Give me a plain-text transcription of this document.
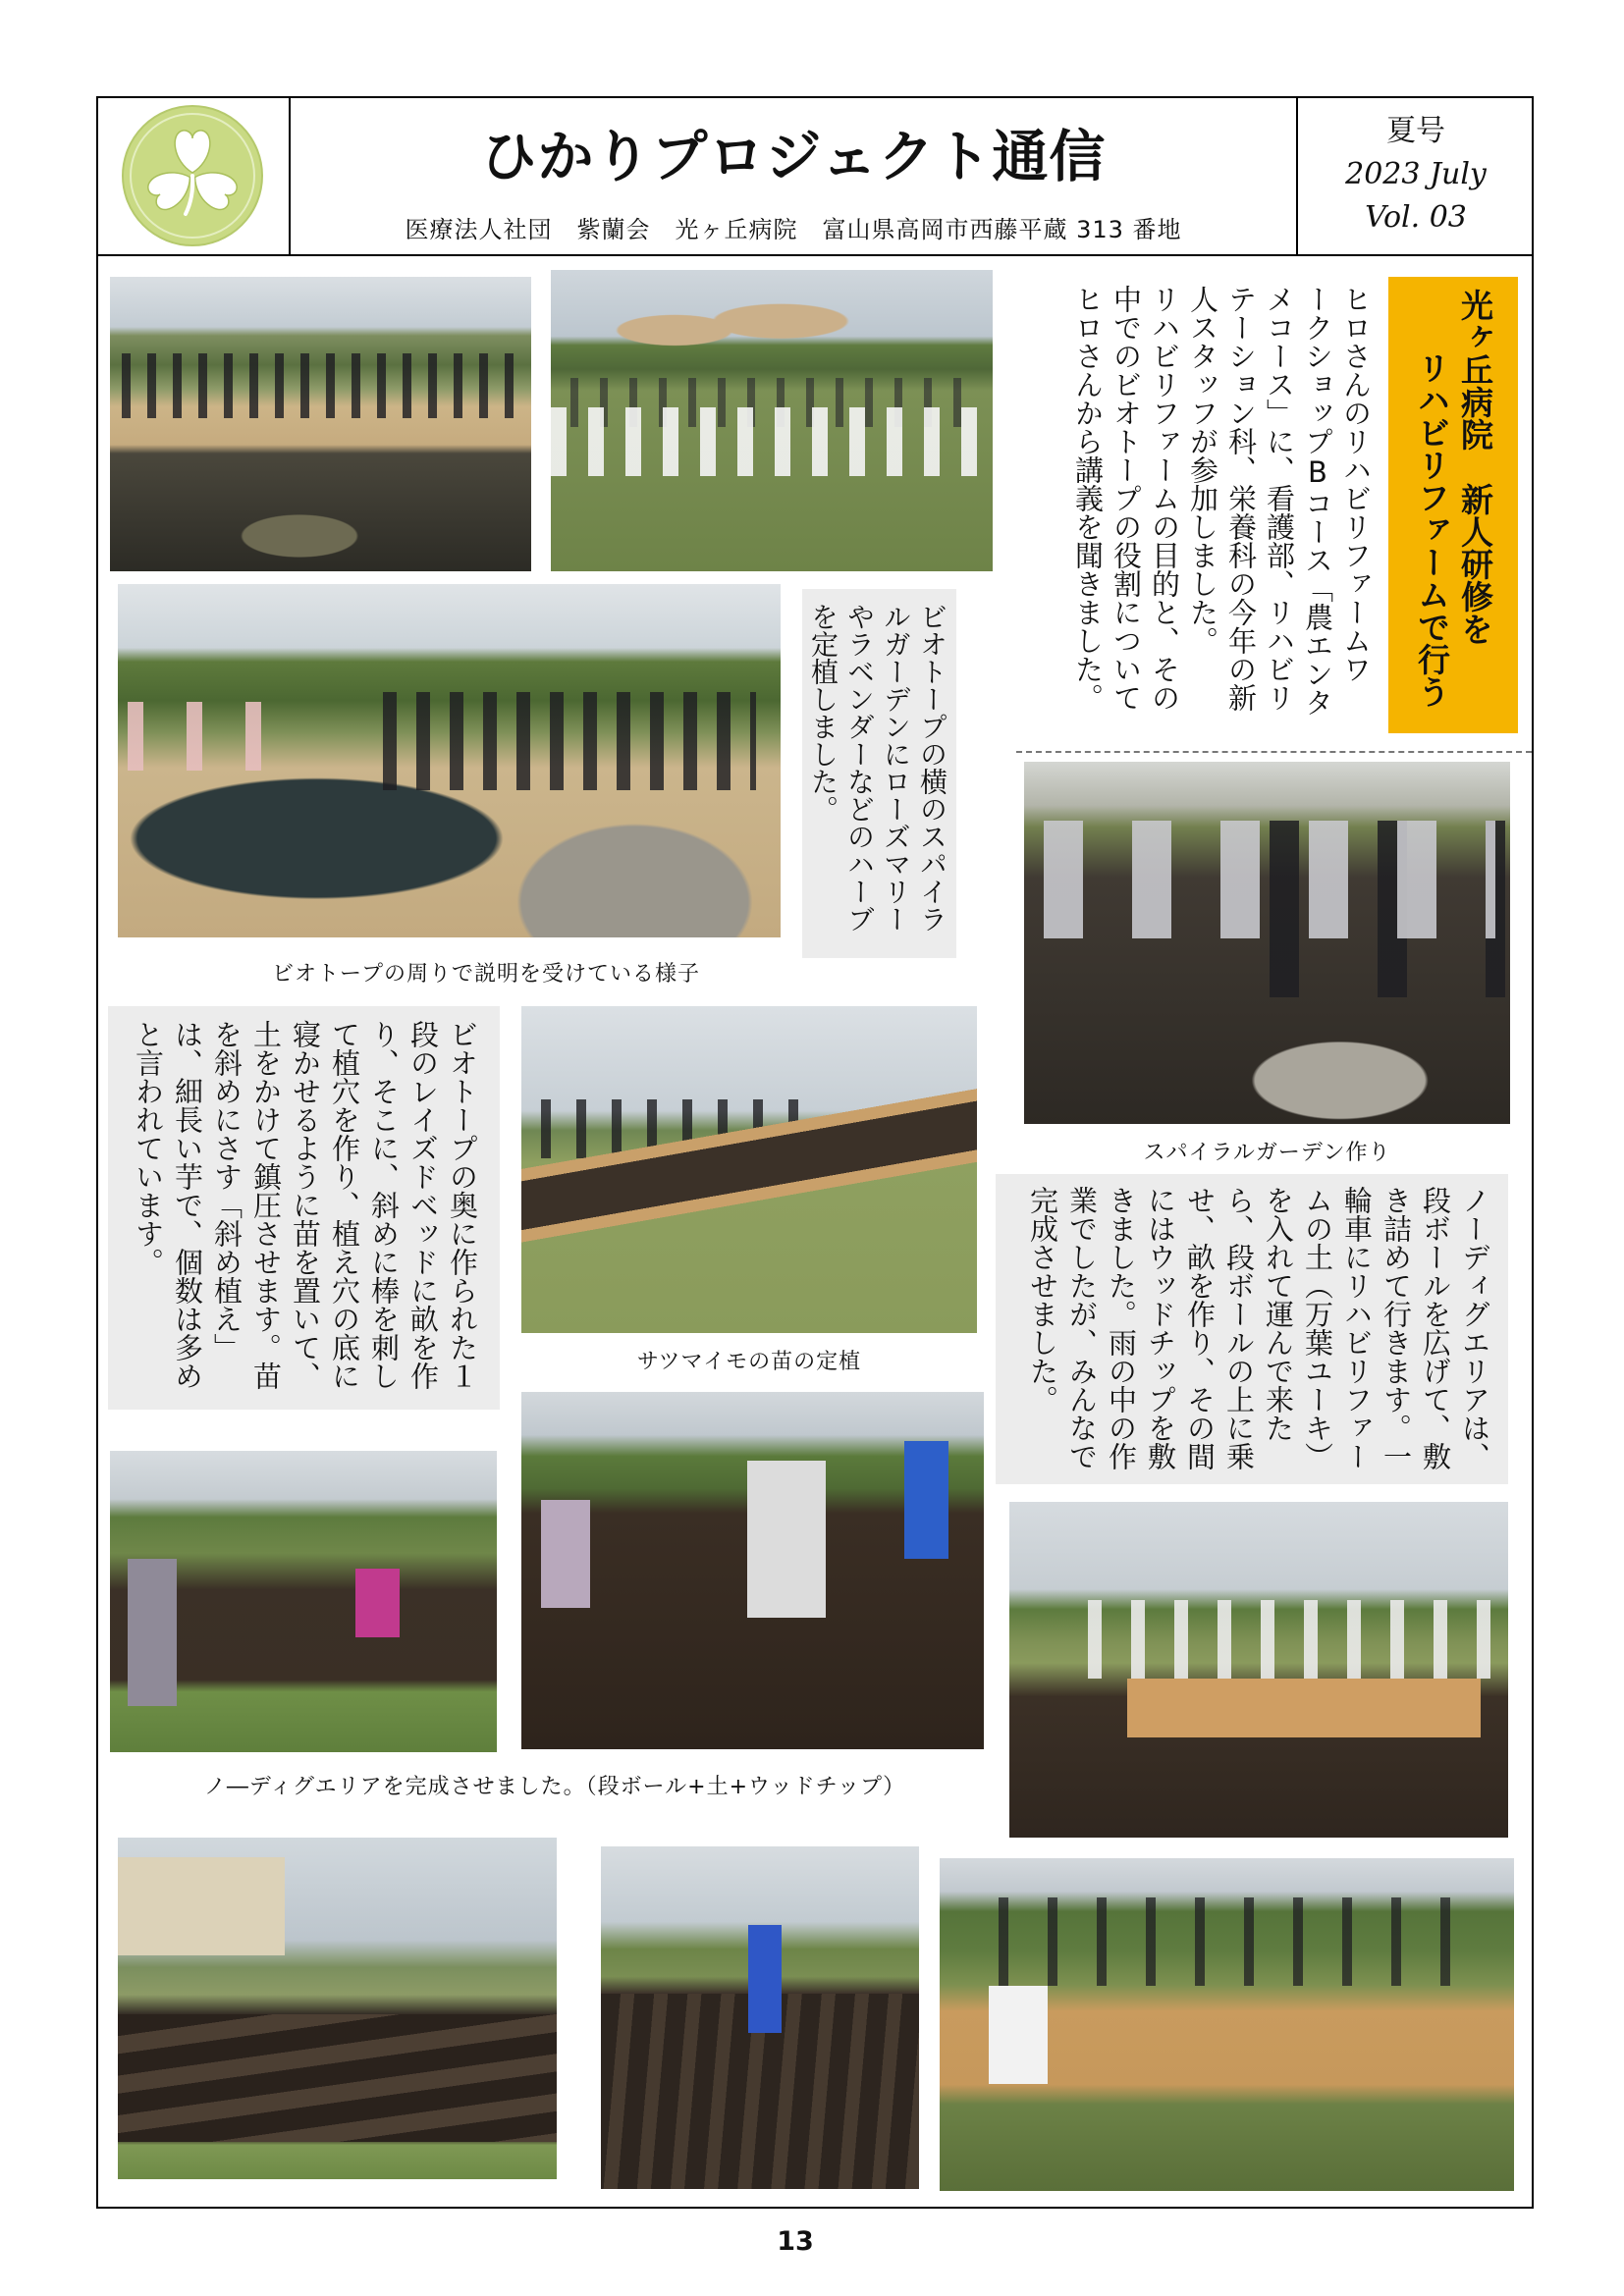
ひかりプロジェクト通信
医療法人社団　紫蘭会　光ヶ丘病院　富山県高岡市西藤平蔵 313 番地
夏号
2023 July
Vol. 03
光ヶ丘病院　新人研修を
リハビリファームで行う
ヒロさんのリハビリファームワ
ークショップBコース「農エンタ
メコース」に、看護部、リハビリ
テーション科、栄養科の今年の新
人スタッフが参加しました。
リハビリファームの目的と、その
中でのビオトープの役割について
ヒロさんから講義を聞きました。
ビオトープの横のスパイラ
ルガーデンにローズマリー
やラベンダーなどのハーブ
を定植しました。
ビオトープの周りで説明を受けている様子
スパイラルガーデン作り
ビオトープの奥に作られた１
段のレイズドベッドに畝を作
り、そこに、斜めに棒を刺し
て植穴を作り、植え穴の底に
寝かせるように苗を置いて、
土をかけて鎮圧させます。苗
を斜めにさす「斜め植え」
は、細長い芋で、個数は多め
と言われています。
サツマイモの苗の定植	ノーディグエリアは、
段ボールを広げて、敷
き詰めて行きます。一
輪車にリハビリファー
ムの土（万葉ユーキ）
を入れて運んで来た
ら、段ボールの上に乗
せ、畝を作り、その間
にはウッドチップを敷
きました。雨の中の作
業でしたが、みんなで
完成させました。
ノ―ディグエリアを完成させました。（段ボール+土+ウッドチップ）
13
